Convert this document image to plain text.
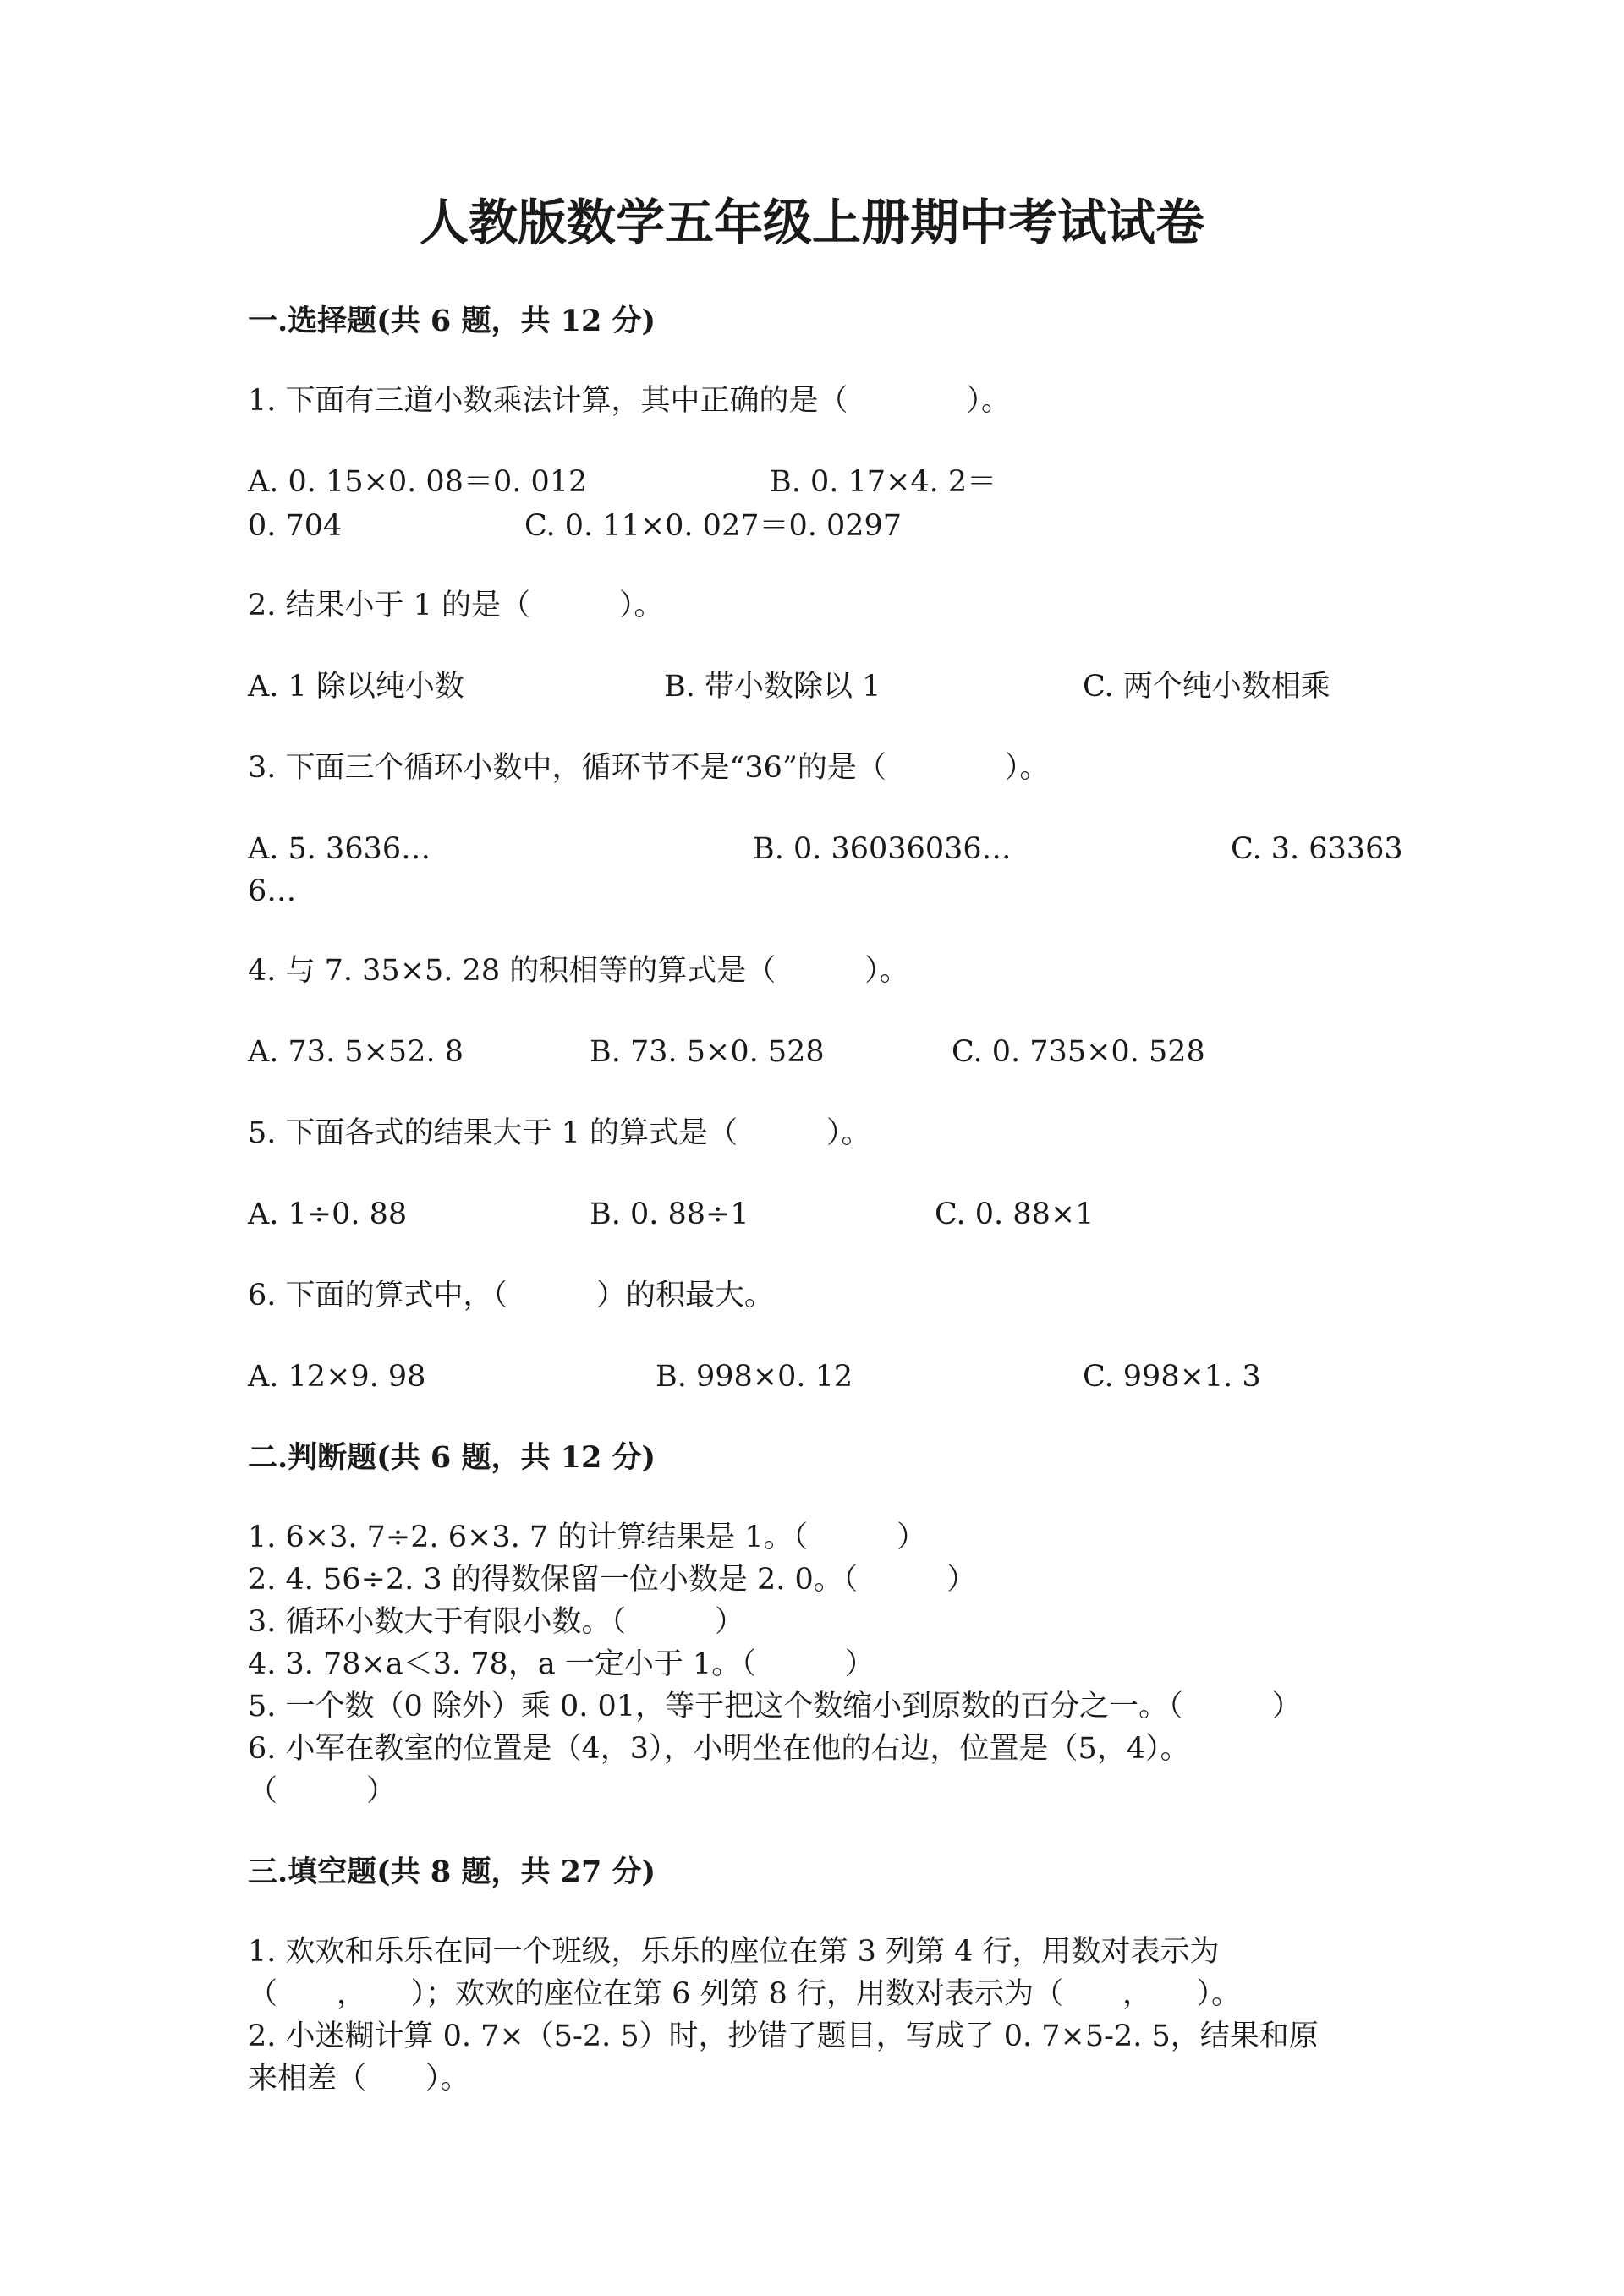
人教版数学五年级上册期中考试试卷
一.选择题(共 6 题，共 12 分)
1. 下面有三道小数乘法计算，其中正确的是（　　　　）。
A. 0. 15×0. 08＝0. 012	B. 0. 17×4. 2＝
0. 704	C. 0. 11×0. 027＝0. 0297
2. 结果小于 1 的是（　　　）。
A. 1 除以纯小数	B. 带小数除以 1	C. 两个纯小数相乘
3. 下面三个循环小数中，循环节不是“36”的是（　　　　）。
A. 5. 3636…	B. 0. 36036036…	C. 3. 63363
6…
4. 与 7. 35×5. 28 的积相等的算式是（　　　）。
A. 73. 5×52. 8	B. 73. 5×0. 528	C. 0. 735×0. 528
5. 下面各式的结果大于 1 的算式是（　　　）。
A. 1÷0. 88	B. 0. 88÷1	C. 0. 88×1
6. 下面的算式中，（　　　）的积最大。
A. 12×9. 98	B. 998×0. 12	C. 998×1. 3
二.判断题(共 6 题，共 12 分)
1. 6×3. 7÷2. 6×3. 7 的计算结果是 1。（　　　）
2. 4. 56÷2. 3 的得数保留一位小数是 2. 0。（　　　）
3. 循环小数大于有限小数。（　　　）
4. 3. 78×a＜3. 78，a 一定小于 1。（　　　）
5. 一个数（0 除外）乘 0. 01，等于把这个数缩小到原数的百分之一。（　　　）
6. 小军在教室的位置是（4，3），小明坐在他的右边，位置是（5，4）。
（　　　）
三.填空题(共 8 题，共 27 分)
1. 欢欢和乐乐在同一个班级，乐乐的座位在第 3 列第 4 行，用数对表示为
（　　，　　）；欢欢的座位在第 6 列第 8 行，用数对表示为（　　，　　）。
2. 小迷糊计算 0. 7×（5-2. 5）时，抄错了题目，写成了 0. 7×5-2. 5，结果和原
来相差（　　）。
